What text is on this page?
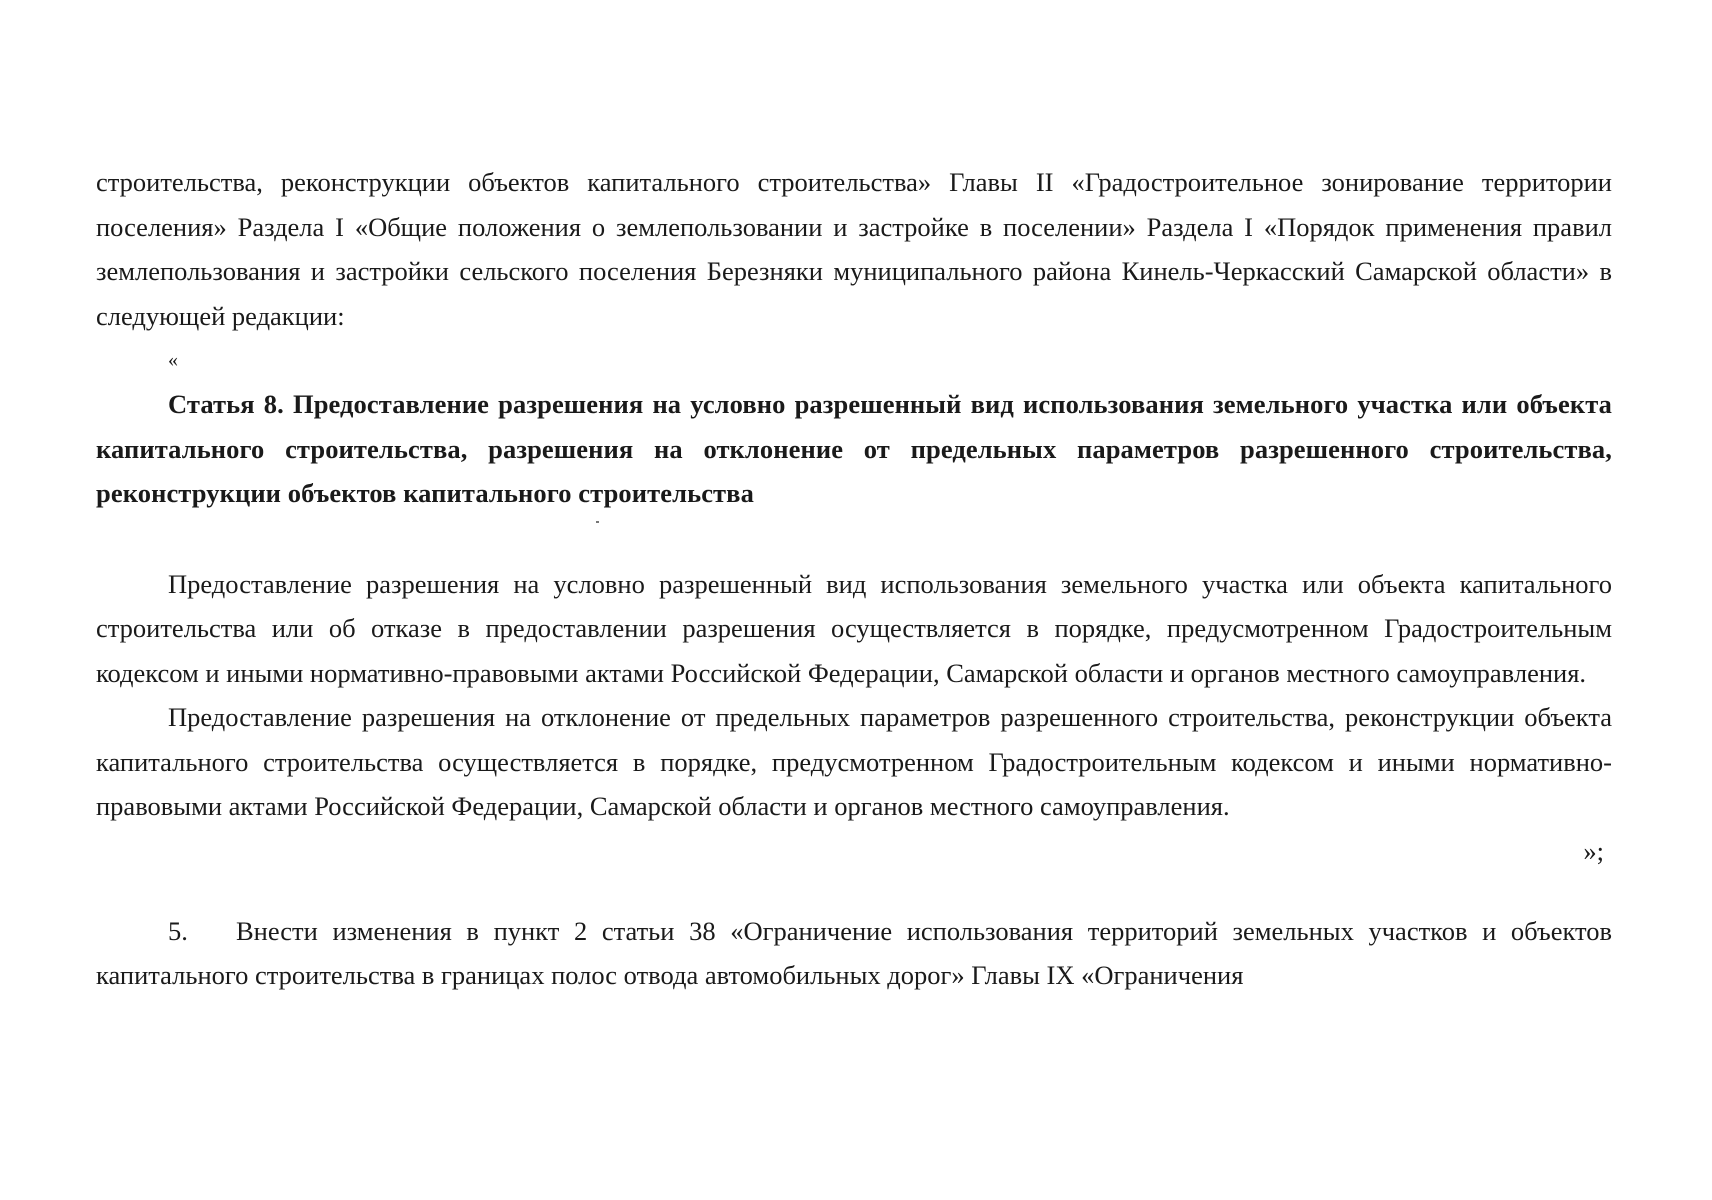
строительства, реконструкции объектов капитального строительства» Главы II «Градостроительное зонирование территории поселения» Раздела I «Общие положения о землепользовании и застройке в поселении» Раздела I «Порядок применения правил землепользования и застройки сельского поселения Березняки муниципального района Кинель-Черкасский Самарской области» в следующей редакции:

«

Статья 8. Предоставление разрешения на условно разрешенный вид использования земельного участка или объекта капитального строительства, разрешения на отклонение от предельных параметров разрешенного строительства, реконструкции объектов капитального строительства

Предоставление разрешения на условно разрешенный вид использования земельного участка или объекта капитального строительства или об отказе в предоставлении разрешения осуществляется в порядке, предусмотренном Градостроительным кодексом и иными нормативно-правовыми актами Российской Федерации, Самарской области и органов местного самоуправления.

Предоставление разрешения на отклонение от предельных параметров разрешенного строительства, реконструкции объекта капитального строительства осуществляется в порядке, предусмотренном Градостроительным кодексом и иными нормативно-правовыми актами Российской Федерации, Самарской области и органов местного самоуправления.

»;

5. Внести изменения в пункт 2 статьи 38 «Ограничение использования территорий земельных участков и объектов капитального строительства в границах полос отвода автомобильных дорог» Главы IX «Ограничения
